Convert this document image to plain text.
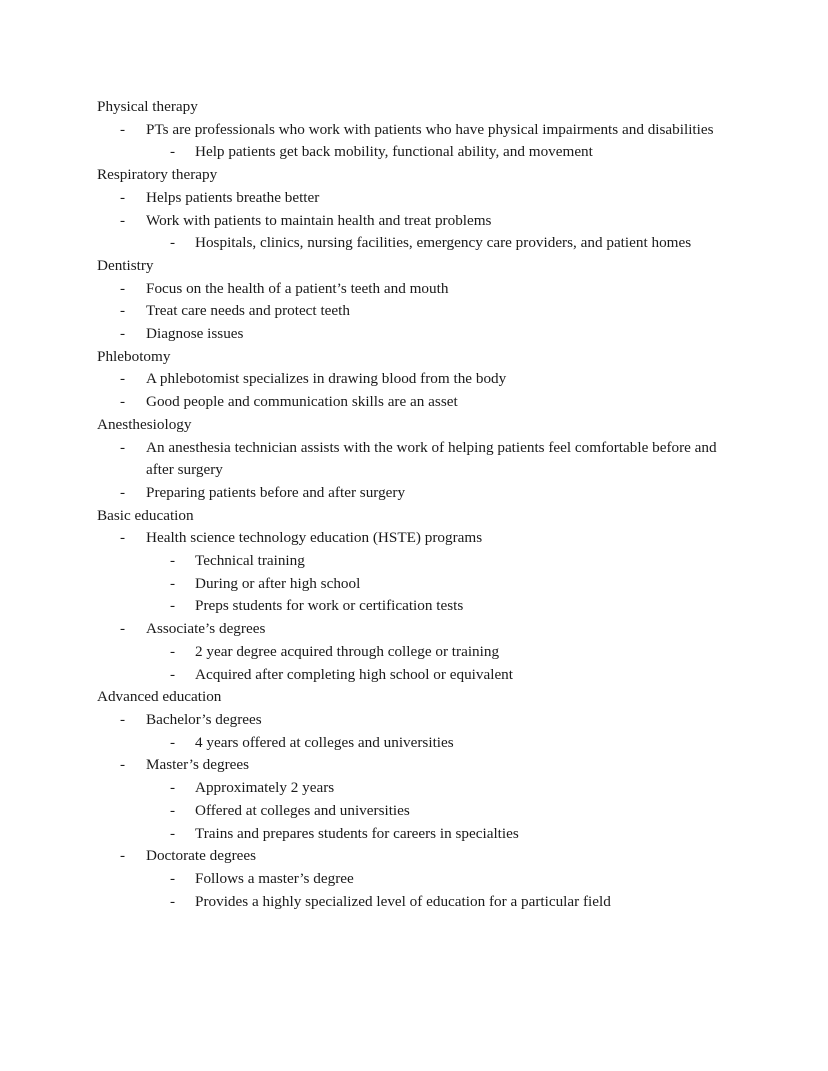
Physical therapy
- PTs are professionals who work with patients who have physical impairments and disabilities
- Help patients get back mobility, functional ability, and movement
Respiratory therapy
- Helps patients breathe better
- Work with patients to maintain health and treat problems
- Hospitals, clinics, nursing facilities, emergency care providers, and patient homes
Dentistry
- Focus on the health of a patient’s teeth and mouth
- Treat care needs and protect teeth
- Diagnose issues
Phlebotomy
- A phlebotomist specializes in drawing blood from the body
- Good people and communication skills are an asset
Anesthesiology
- An anesthesia technician assists with the work of helping patients feel comfortable before and after surgery
- Preparing patients before and after surgery
Basic education
- Health science technology education (HSTE) programs
- Technical training
- During or after high school
- Preps students for work or certification tests
- Associate’s degrees
- 2 year degree acquired through college or training
- Acquired after completing high school or equivalent
Advanced education
- Bachelor’s degrees
- 4 years offered at colleges and universities
- Master’s degrees
- Approximately 2 years
- Offered at colleges and universities
- Trains and prepares students for careers in specialties
- Doctorate degrees
- Follows a master’s degree
- Provides a highly specialized level of education for a particular field
